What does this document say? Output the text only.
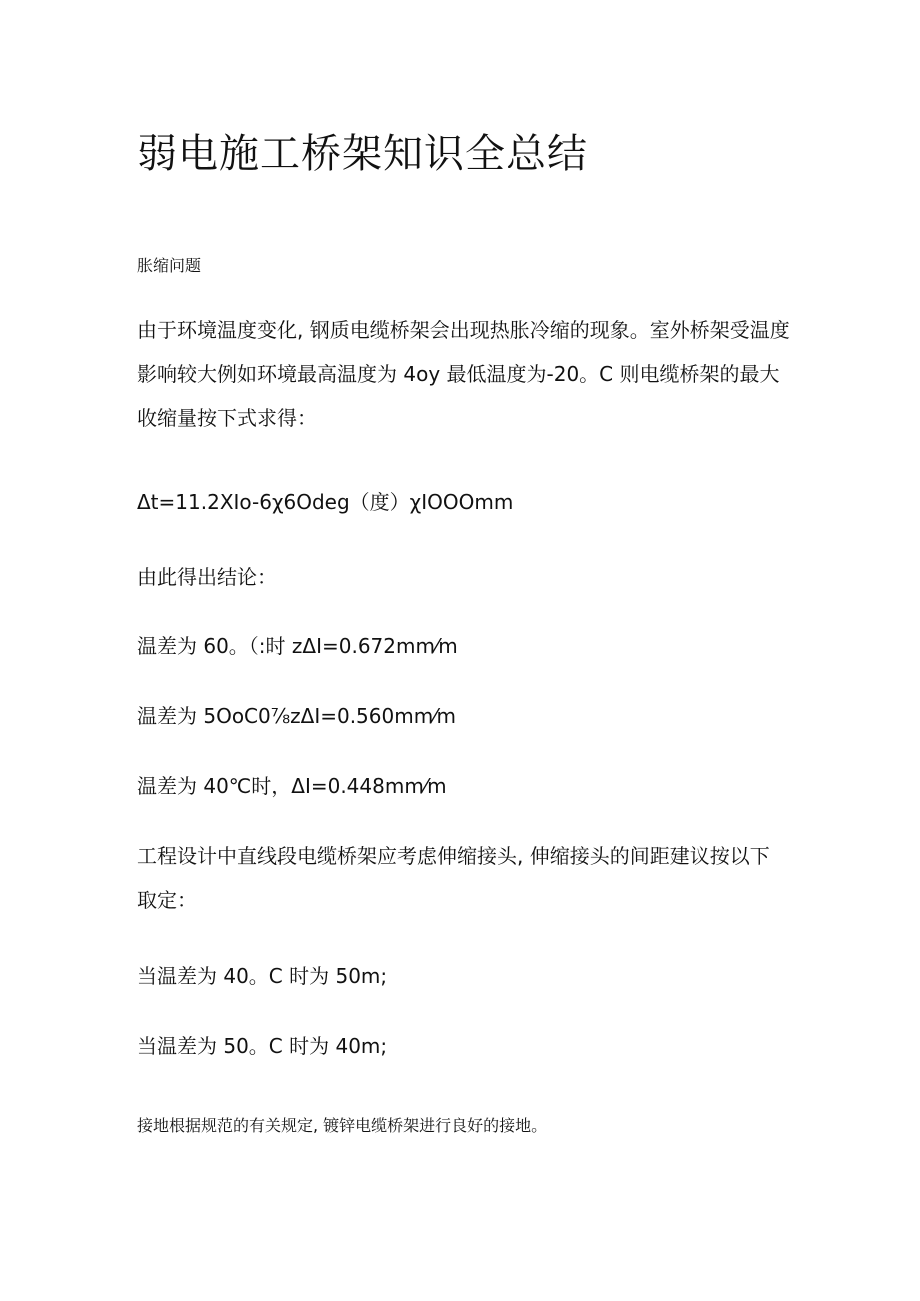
弱电施工桥架知识全总结

胀缩问题

由于环境温度变化, 钢质电缆桥架会出现热胀冷缩的现象。室外桥架受温度
影响较大例如环境最高温度为 4oy 最低温度为-20。C 则电缆桥架的最大
收缩量按下式求得：

Δt=11.2XIo-6χ6Odeg（度）χIOOOmm

由此得出结论：

温差为 60。（:时 zΔI=0.672mm⁄m

温差为 5OoC0⅞zΔI=0.560mm⁄m

温差为 40℃时，ΔI=0.448mm⁄m

工程设计中直线段电缆桥架应考虑伸缩接头, 伸缩接头的间距建议按以下
取定：

当温差为 40。C 时为 50m;

当温差为 50。C 时为 40m;

接地根据规范的有关规定, 镀锌电缆桥架进行良好的接地。
